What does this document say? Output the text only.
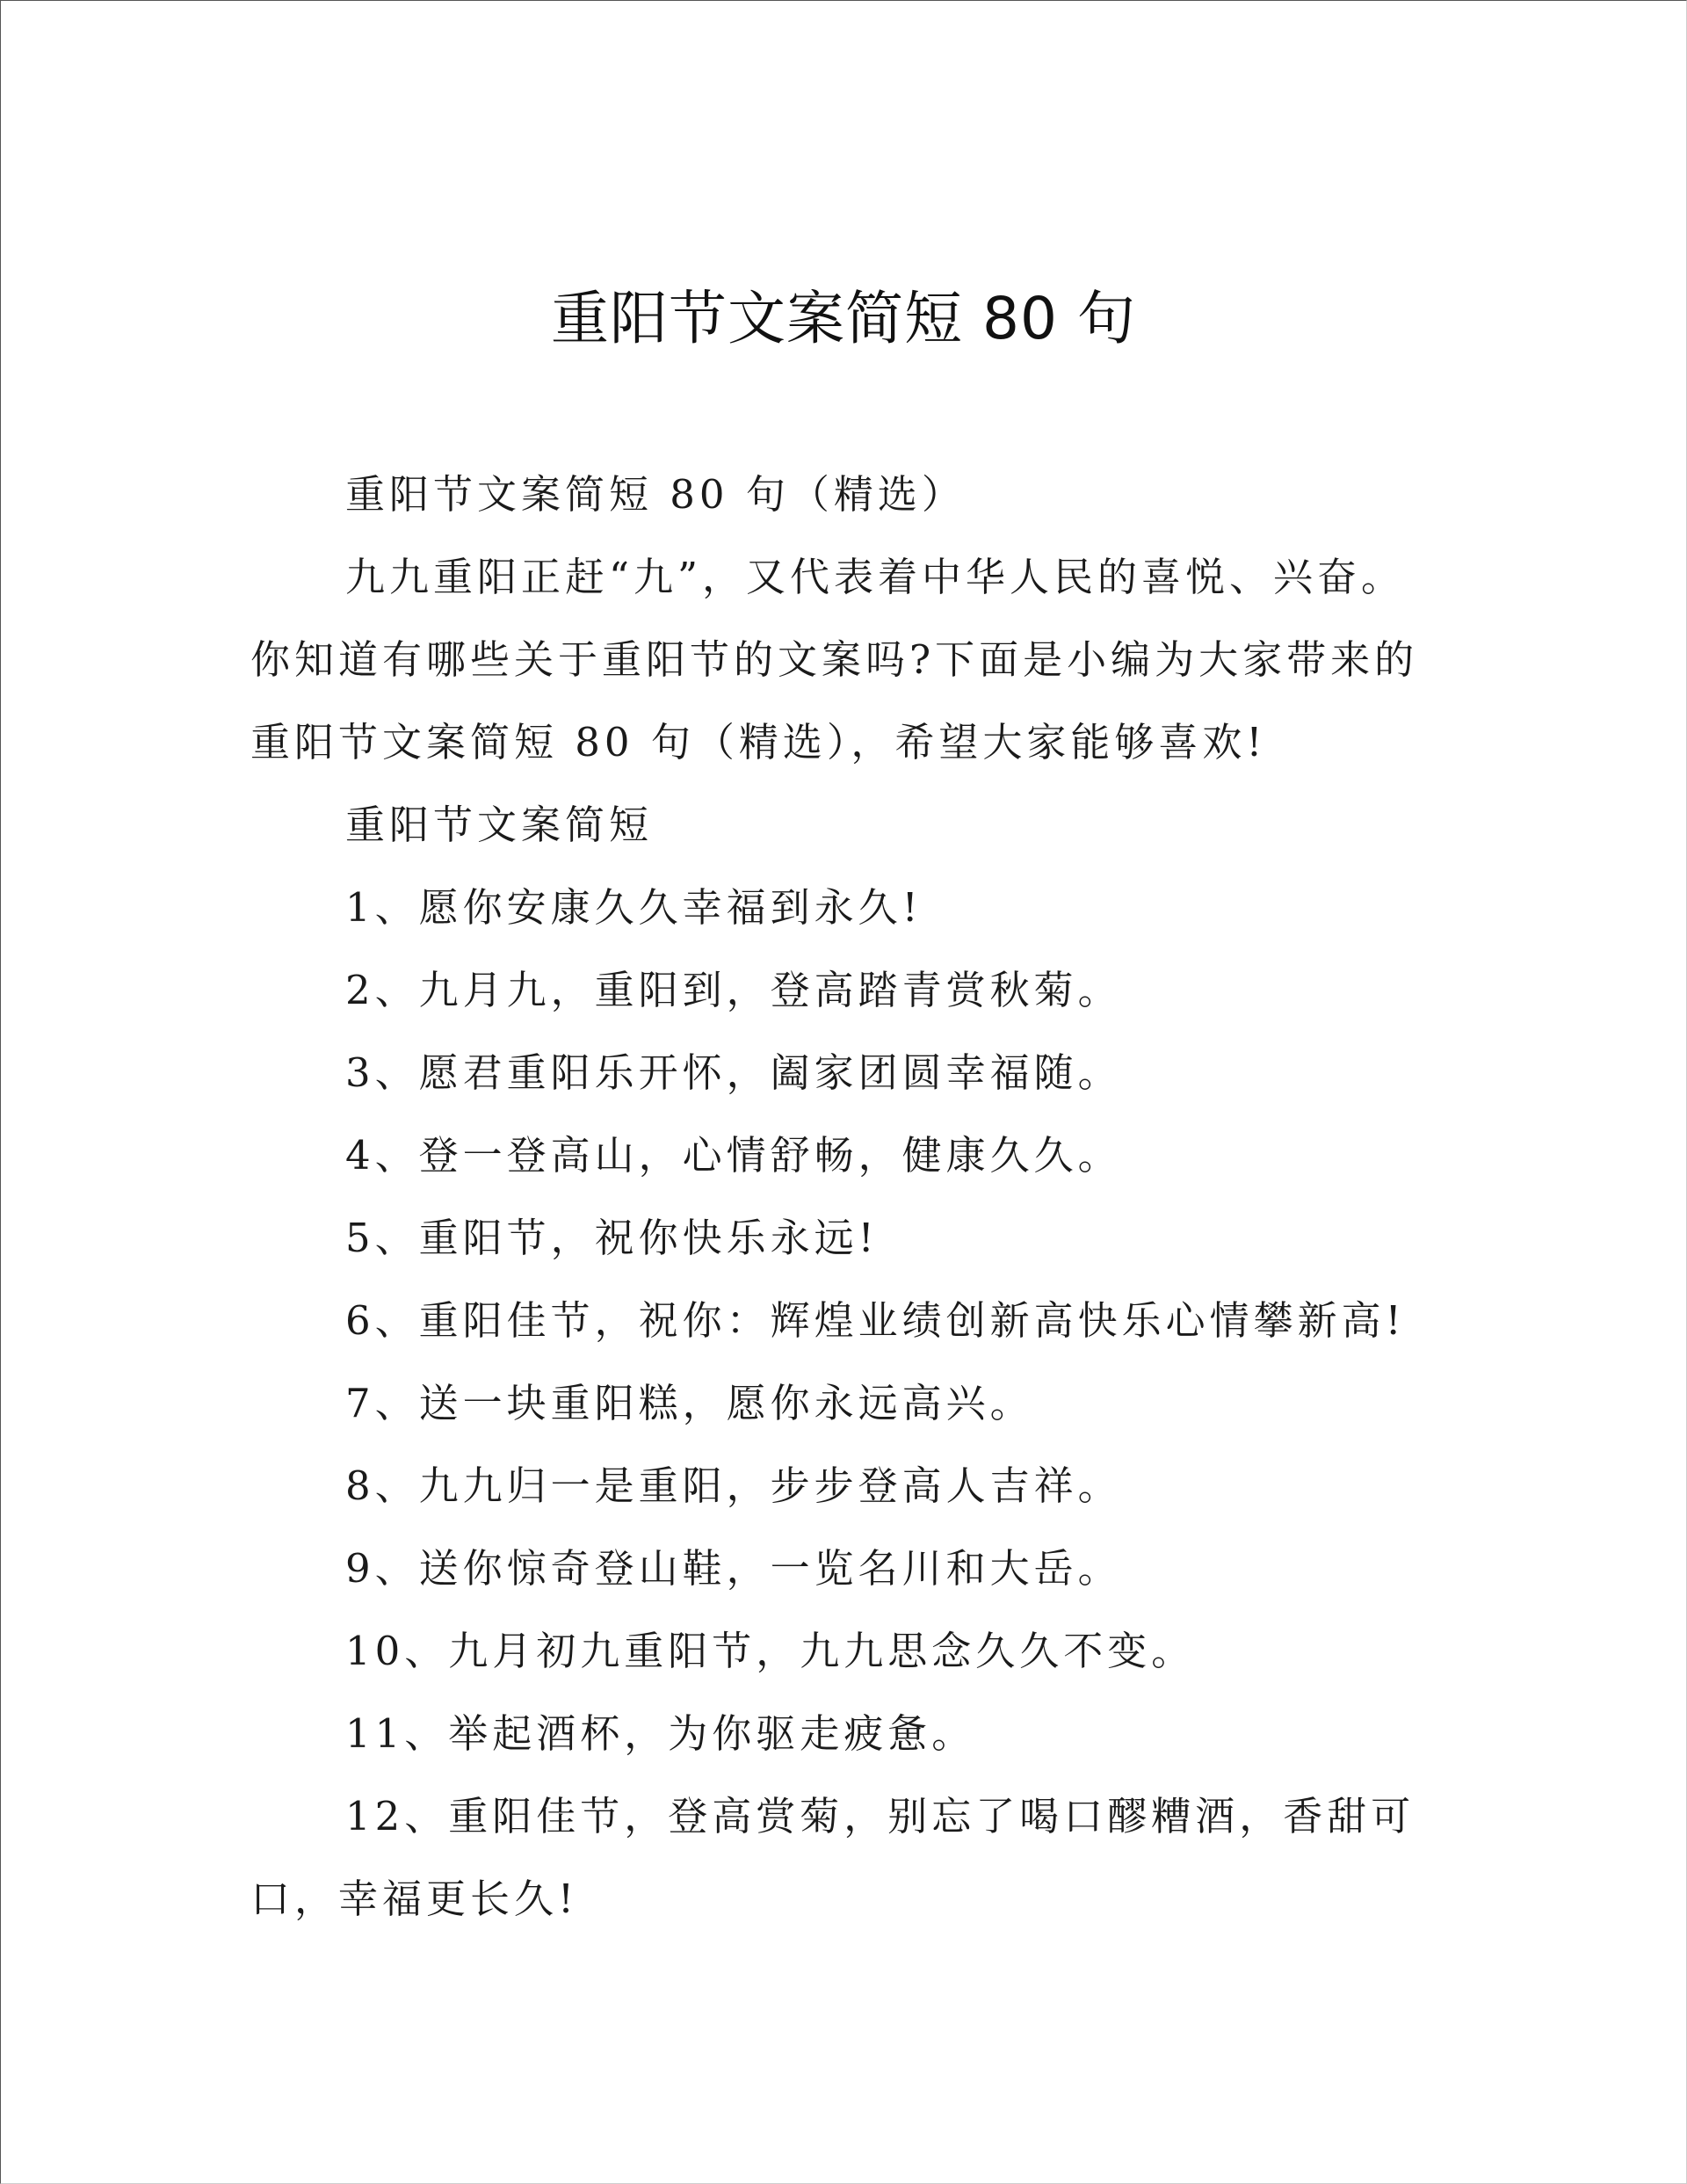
重阳节文案简短 80 句

重阳节文案简短 80 句（精选）

九九重阳正赶“九”，又代表着中华人民的喜悦、兴奋。你知道有哪些关于重阳节的文案吗?下面是小编为大家带来的重阳节文案简短 80 句（精选），希望大家能够喜欢!

重阳节文案简短

1、愿你安康久久幸福到永久!

2、九月九，重阳到，登高踏青赏秋菊。

3、愿君重阳乐开怀，阖家团圆幸福随。

4、登一登高山，心情舒畅，健康久久。

5、重阳节，祝你快乐永远!

6、重阳佳节，祝你：辉煌业绩创新高快乐心情攀新高!

7、送一块重阳糕，愿你永远高兴。

8、九九归一是重阳，步步登高人吉祥。

9、送你惊奇登山鞋，一览名川和大岳。

10、九月初九重阳节，九九思念久久不变。

11、举起酒杯，为你驱走疲惫。

12、重阳佳节，登高赏菊，别忘了喝口醪糟酒，香甜可口，幸福更长久!
